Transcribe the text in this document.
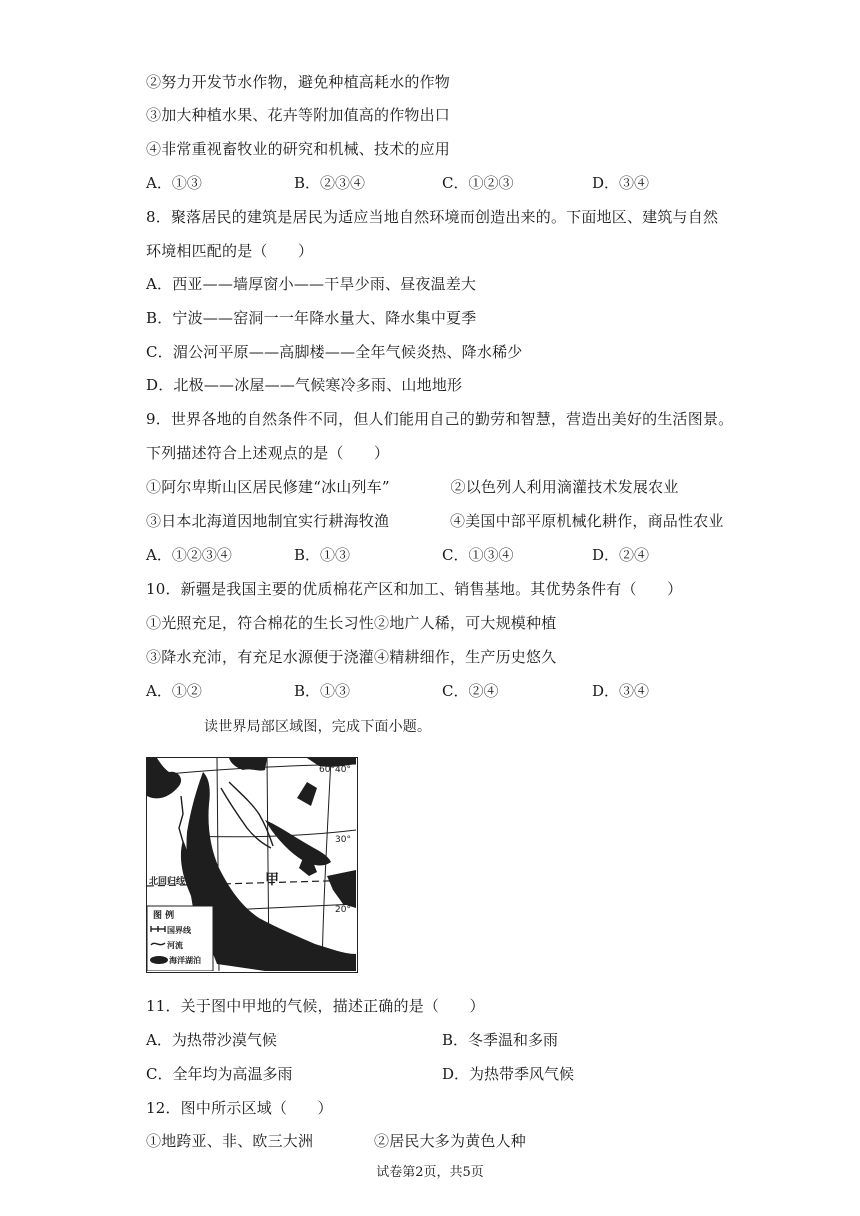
②努力开发节水作物，避免种植高耗水的作物
③加大种植水果、花卉等附加值高的作物出口
④非常重视畜牧业的研究和机械、技术的应用
A．①③	B．②③④	C．①②③	D．③④
8．聚落居民的建筑是居民为适应当地自然环境而创造出来的。下面地区、建筑与自然
环境相匹配的是（　　）
A．西亚——墙厚窗小——干旱少雨、昼夜温差大
B．宁波——窑洞一一年降水量大、降水集中夏季
C．湄公河平原——高脚楼——全年气候炎热、降水稀少
D．北极——冰屋——气候寒冷多雨、山地地形
9．世界各地的自然条件不同，但人们能用自己的勤劳和智慧，营造出美好的生活图景。
下列描述符合上述观点的是（　　）
①阿尔卑斯山区居民修建“冰山列车”　　　　②以色列人利用滴灌技术发展农业
③日本北海道因地制宜实行耕海牧渔　　　　④美国中部平原机械化耕作，商品性农业
A．①②③④	B．①③	C．①③④	D．②④
10．新疆是我国主要的优质棉花产区和加工、销售基地。其优势条件有（　　）
①光照充足，符合棉花的生长习性②地广人稀，可大规模种植
③降水充沛，有充足水源便于浇灌④精耕细作，生产历史悠久
A．①②	B．①③	C．②④	D．③④
读世界局部区域图，完成下面小题。
60° 40°
30°
20°
北回归线	甲
图 例
国界线
河流
海洋湖泊
11．关于图中甲地的气候，描述正确的是（　　）
A．为热带沙漠气候	B．冬季温和多雨
C．全年均为高温多雨	D．为热带季风气候
12．图中所示区域（　　）
①地跨亚、非、欧三大洲　　　　②居民大多为黄色人种
试卷第2页，共5页
